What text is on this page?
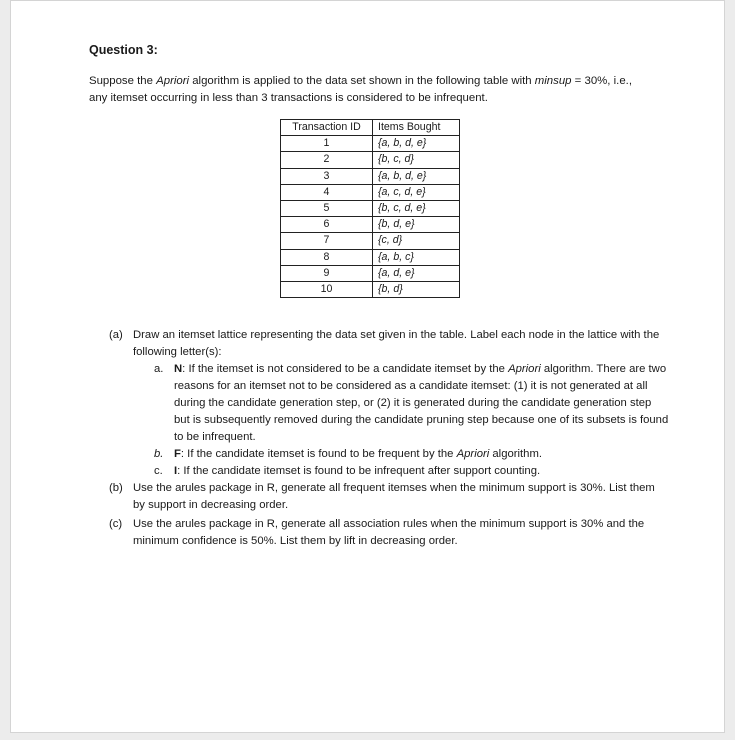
Question 3:
Suppose the Apriori algorithm is applied to the data set shown in the following table with minsup = 30%, i.e., any itemset occurring in less than 3 transactions is considered to be infrequent.
Transaction ID	Items Bought
1	{a, b, d, e}
2	{b, c, d}
3	{a, b, d, e}
4	{a, c, d, e}
5	{b, c, d, e}
6	{b, d, e}
7	{c, d}
8	{a, b, c}
9	{a, d, e}
10	{b, d}
(a) Draw an itemset lattice representing the data set given in the table. Label each node in the lattice with the following letter(s):
a. N: If the itemset is not considered to be a candidate itemset by the Apriori algorithm. There are two reasons for an itemset not to be considered as a candidate itemset: (1) it is not generated at all during the candidate generation step, or (2) it is generated during the candidate generation step but is subsequently removed during the candidate pruning step because one of its subsets is found to be infrequent.
b. F: If the candidate itemset is found to be frequent by the Apriori algorithm.
c. I: If the candidate itemset is found to be infrequent after support counting.
(b) Use the arules package in R, generate all frequent itemses when the minimum support is 30%. List them by support in decreasing order.
(c) Use the arules package in R, generate all association rules when the minimum support is 30% and the minimum confidence is 50%. List them by lift in decreasing order.
